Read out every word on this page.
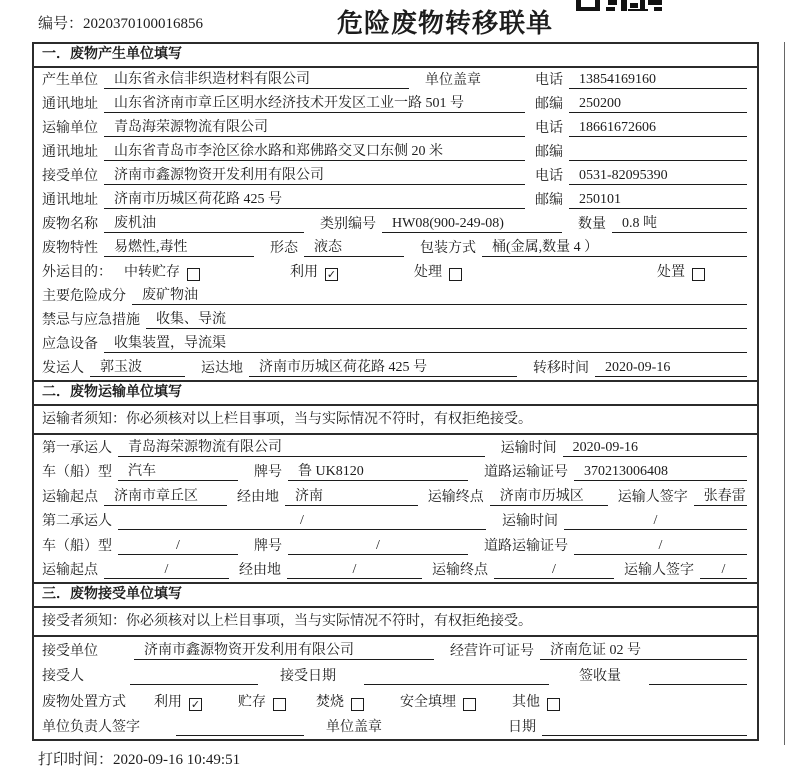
编号：2020370100016856	危险废物转移联单
一．废物产生单位填写
产生单位	山东省永信非织造材料有限公司	单位盖章	电话	13854169160
通讯地址	山东省济南市章丘区明水经济技术开发区工业一路 501 号	邮编	250200
运输单位	青岛海荣源物流有限公司	电话	18661672606
通讯地址	山东省青岛市李沧区徐水路和郑佛路交叉口东侧 20 米	邮编
接受单位	济南市鑫源物资开发利用有限公司	电话	0531-82095390
通讯地址	济南市历城区荷花路 425 号	邮编	250101
废物名称	废机油	类别编号	HW08(900-249-08)	数量	0.8 吨
废物特性	易燃性,毒性	形态	液态	包装方式	桶(金属,数量 4 ）
外运目的： 中转贮存	利用 ✓	处理	处置
主要危险成分	废矿物油
禁忌与应急措施	收集、导流
应急设备	收集装置，导流渠
发运人	郭玉波	运达地	济南市历城区荷花路 425 号	转移时间	2020-09-16
二．废物运输单位填写
运输者须知：你必须核对以上栏目事项，当与实际情况不符时，有权拒绝接受。
第一承运人	青岛海荣源物流有限公司	运输时间	2020-09-16
车（船）型	汽车	牌号	鲁 UK8120	道路运输证号	370213006408
运输起点	济南市章丘区	经由地	济南	运输终点	济南市历城区	运输人签字	张春雷
第二承运人	/	运输时间	/
车（船）型	/	牌号	/	道路运输证号	/
运输起点	/	经由地	/	运输终点	/	运输人签字	/
三．废物接受单位填写
接受者须知：你必须核对以上栏目事项，当与实际情况不符时，有权拒绝接受。
接受单位	济南市鑫源物资开发利用有限公司	经营许可证号	济南危证 02 号
接受人	接受日期	签收量
废物处置方式	利用 ✓	贮存	焚烧	安全填埋	其他
单位负责人签字	单位盖章	日期
打印时间：2020-09-16 10:49:51
